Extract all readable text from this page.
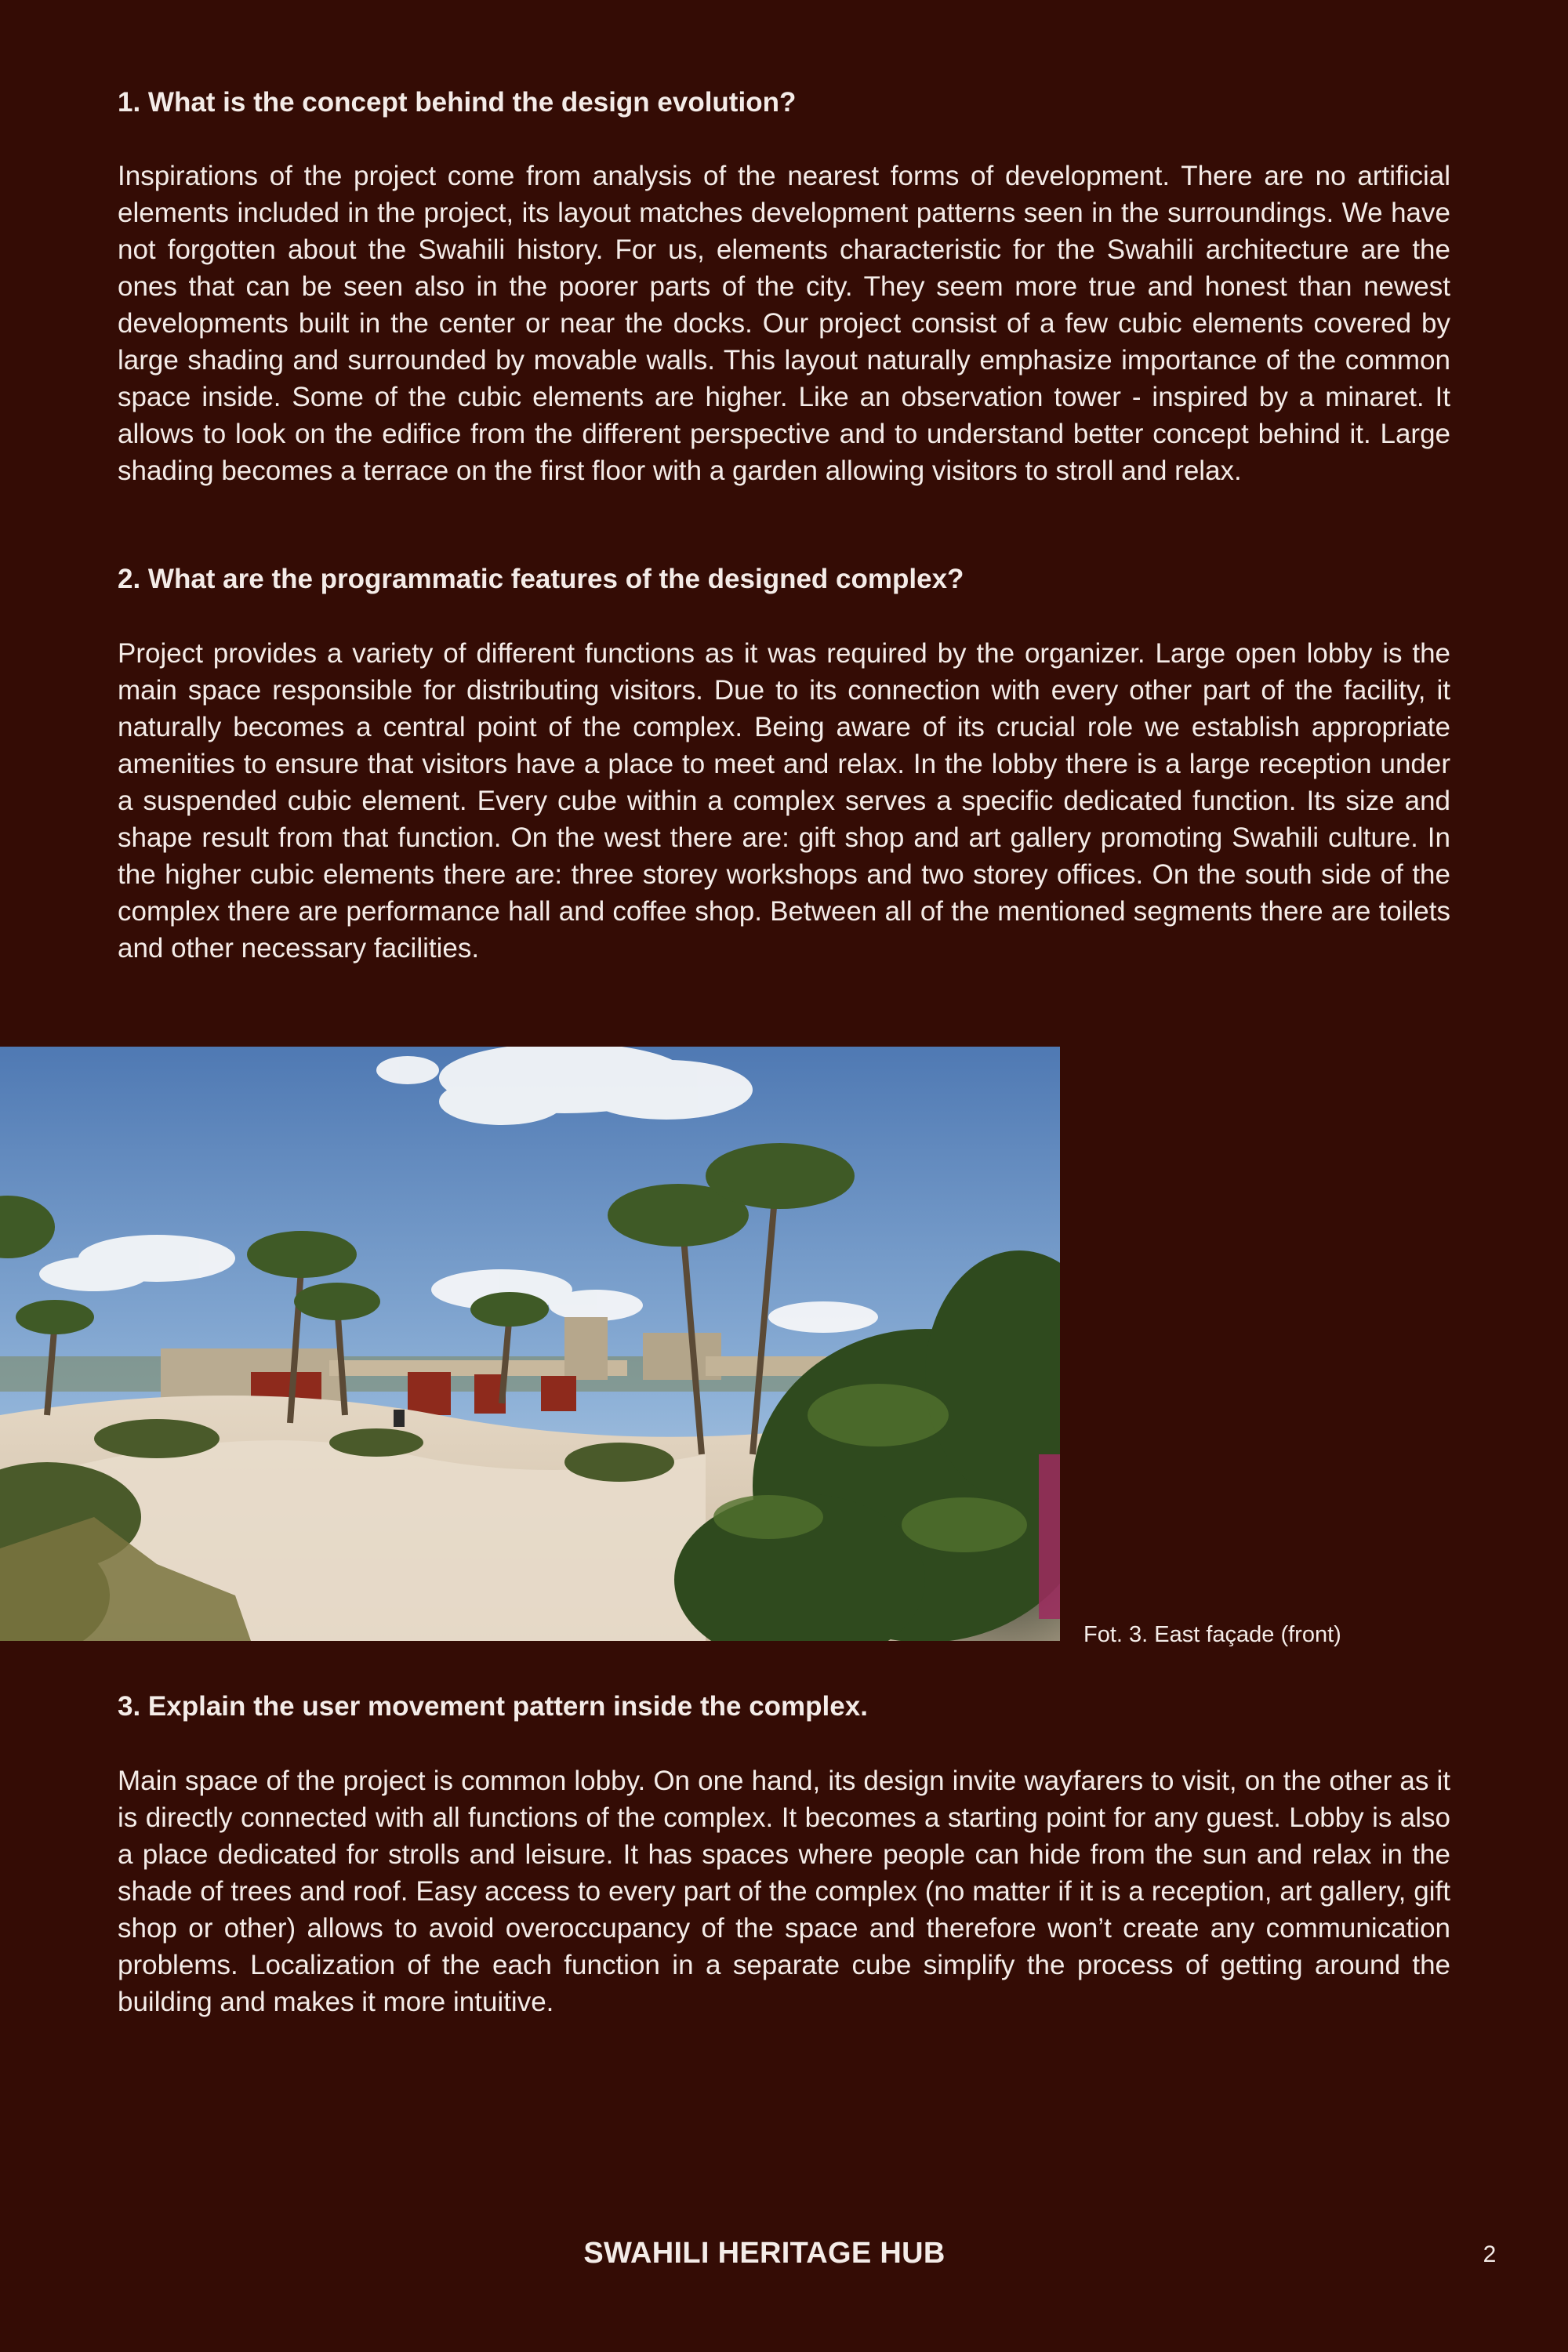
1. What is the concept behind the design evolution?

Inspirations of the project come from analysis of the nearest forms of development. There are no artificial elements included in the project, its layout matches development patterns seen in the surroundings. We have not forgotten about the Swahili history. For us, elements characteristic for the Swahili architecture are the ones that can be seen also in the poorer parts of the city. They seem more true and honest than newest developments built in the center or near the docks. Our project consist of a few cubic elements covered by large shading and surrounded by movable walls. This layout naturally emphasize importance of the common space inside. Some of the cubic elements are higher. Like an observation tower - inspired by a minaret. It allows to look on the edifice from the different perspective and to understand better concept behind it. Large shading becomes a terrace on the first floor with a garden allowing visitors to stroll and relax.

2. What are the programmatic features of the designed complex?

Project provides a variety of different functions as it was required by the organizer. Large open lobby is the main space responsible for distributing visitors. Due to its connection with every other part of the facility, it naturally becomes a central point of the complex. Being aware of its crucial role we establish appropriate amenities to ensure that visitors have a place to meet and relax. In the lobby there is a large reception under a suspended cubic element. Every cube within a complex serves a specific dedicated function. Its size and shape result from that function. On the west there are: gift shop and art gallery promoting Swahili culture. In the higher cubic elements there are: three storey workshops and two storey offices. On the south side of the complex there are performance hall and coffee shop. Between all of the mentioned segments there are toilets and other necessary facilities.

Fot. 3. East façade (front)
3. Explain the user movement pattern inside the complex.

Main space of the project is common lobby. On one hand, its design invite wayfarers to visit, on the other as it is directly connected with all functions of the complex. It becomes a starting point for any guest. Lobby is also a place dedicated for strolls and leisure. It has spaces where people can hide from the sun and relax in the shade of trees and roof. Easy access to every part of the complex (no matter if it is a reception, art gallery, gift shop or other) allows to avoid overoccupancy of the space and therefore won’t create any communication problems. Localization of the each function in a separate cube simplify the process of getting around the building and makes it more intuitive.

SWAHILI HERITAGE HUB	2
